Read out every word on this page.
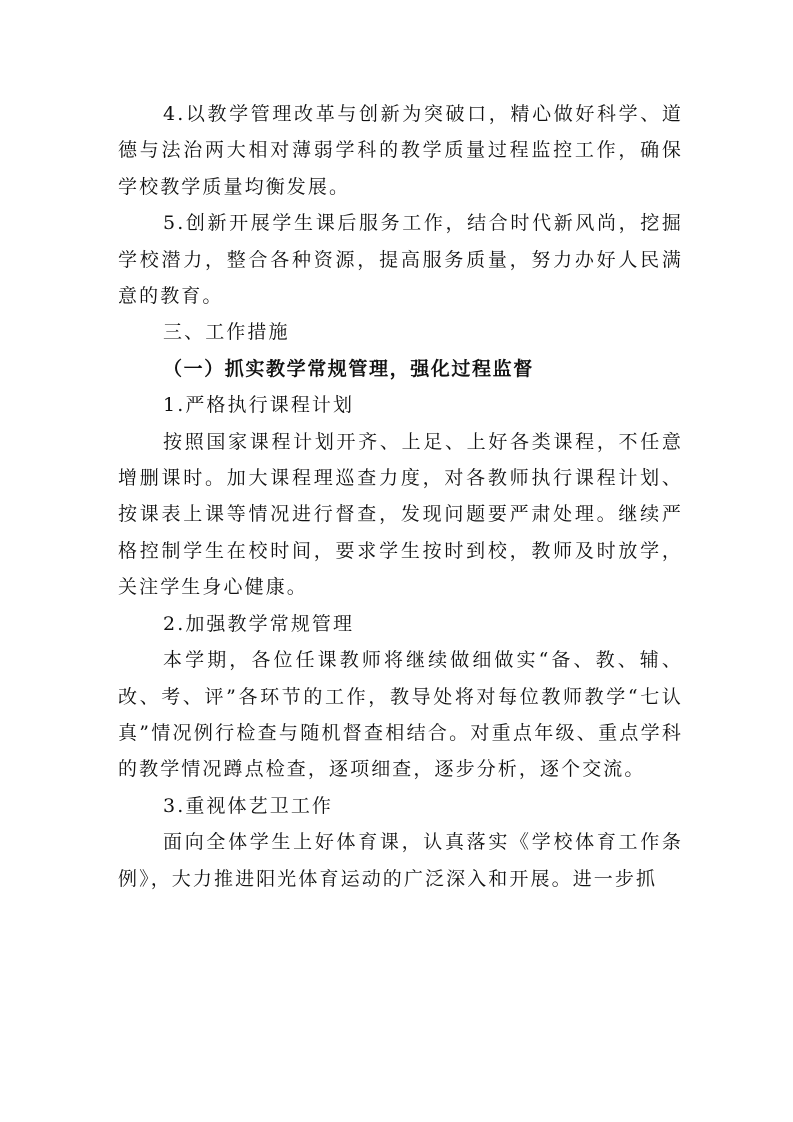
4.以教学管理改革与创新为突破口，精心做好科学、道德与法治两大相对薄弱学科的教学质量过程监控工作，确保学校教学质量均衡发展。

5.创新开展学生课后服务工作，结合时代新风尚，挖掘学校潜力，整合各种资源，提高服务质量，努力办好人民满意的教育。

三、工作措施

（一）抓实教学常规管理，强化过程监督

1.严格执行课程计划

按照国家课程计划开齐、上足、上好各类课程，不任意增删课时。加大课程理巡查力度，对各教师执行课程计划、按课表上课等情况进行督查，发现问题要严肃处理。继续严格控制学生在校时间，要求学生按时到校，教师及时放学，关注学生身心健康。

2.加强教学常规管理

本学期，各位任课教师将继续做细做实“备、教、辅、改、考、评”各环节的工作，教导处将对每位教师教学“七认真”情况例行检查与随机督查相结合。对重点年级、重点学科的教学情况蹲点检查，逐项细查，逐步分析，逐个交流。

3.重视体艺卫工作

面向全体学生上好体育课，认真落实《学校体育工作条例》，大力推进阳光体育运动的广泛深入和开展。进一步抓
